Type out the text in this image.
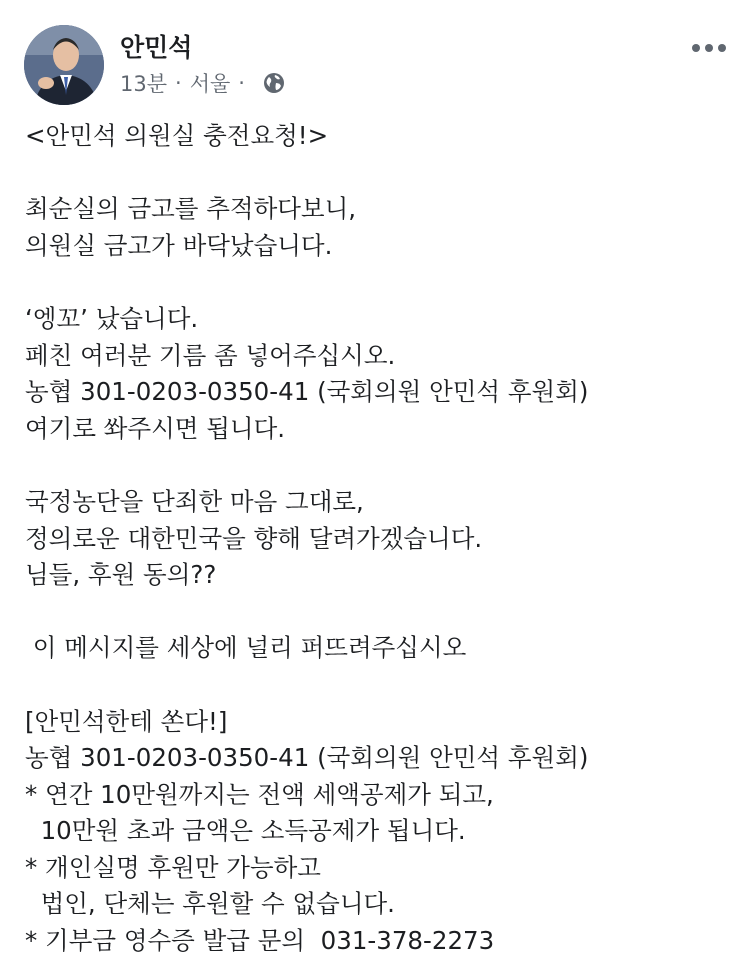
안민석
13분 · 서울 ·
<안민석 의원실 충전요청!>
최순실의 금고를 추적하다보니,
의원실 금고가 바닥났습니다.
‘엥꼬’ 났습니다.
페친 여러분 기름 좀 넣어주십시오.
농협 301-0203-0350-41 (국회의원 안민석 후원회)
여기로 쏴주시면 됩니다.
국정농단을 단죄한 마음 그대로,
정의로운 대한민국을 향해 달려가겠습니다.
님들, 후원 동의??
이 메시지를 세상에 널리 퍼뜨려주십시오
[안민석한테 쏜다!]
농협 301-0203-0350-41 (국회의원 안민석 후원회)
* 연간 10만원까지는 전액 세액공제가 되고,
10만원 초과 금액은 소득공제가 됩니다.
* 개인실명 후원만 가능하고
법인, 단체는 후원할 수 없습니다.
* 기부금 영수증 발급 문의  031-378-2273
